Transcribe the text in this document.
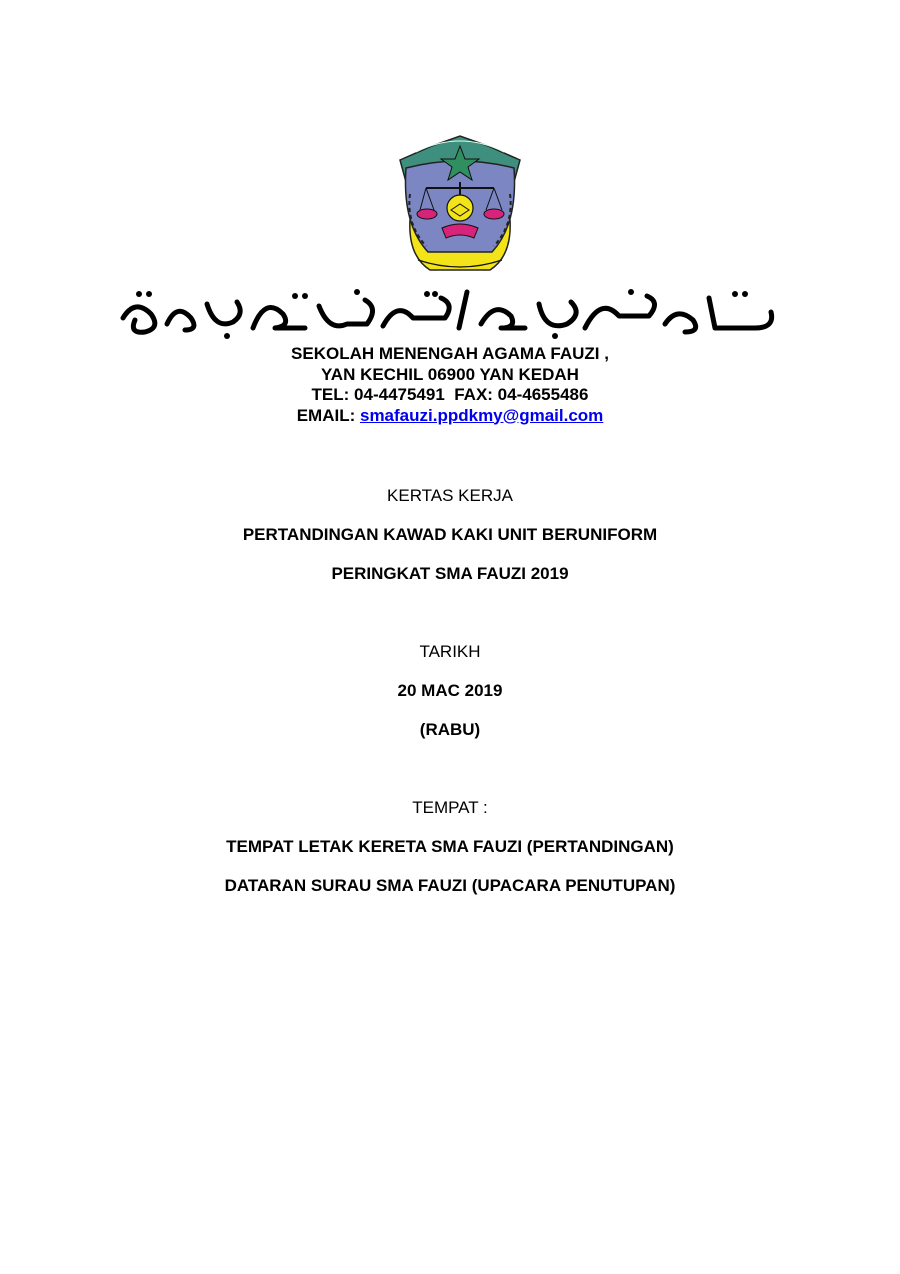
SEKOLAH MENENGAH AGAMA FAUZI ,
YAN KECHIL 06900 YAN KEDAH
TEL: 04-4475491  FAX: 04-4655486
EMAIL: smafauzi.ppdkmy@gmail.com
KERTAS KERJA
PERTANDINGAN KAWAD KAKI UNIT BERUNIFORM
PERINGKAT SMA FAUZI 2019
TARIKH
20 MAC 2019
(RABU)
TEMPAT :
TEMPAT LETAK KERETA SMA FAUZI (PERTANDINGAN)
DATARAN SURAU SMA FAUZI (UPACARA PENUTUPAN)
